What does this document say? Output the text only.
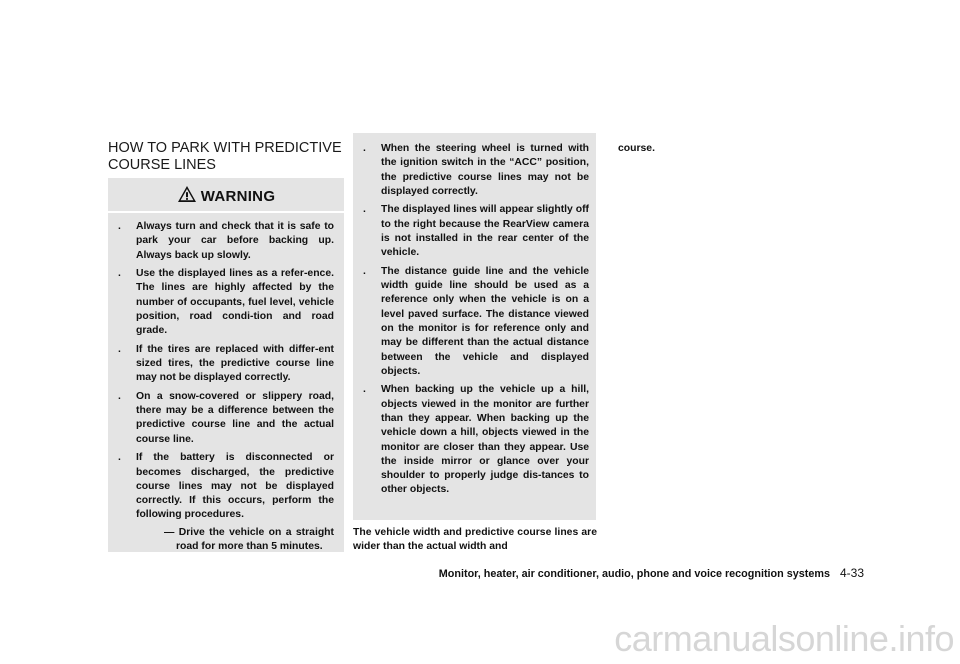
HOW TO PARK WITH PREDICTIVE
COURSE LINES
WARNING
. Always turn and check that it is safe to park your car before backing up. Always back up slowly.
. Use the displayed lines as a refer-ence. The lines are highly affected by the number of occupants, fuel level, vehicle position, road condi-tion and road grade.
. If the tires are replaced with differ-ent sized tires, the predictive course line may not be displayed correctly.
. On a snow-covered or slippery road, there may be a difference between the predictive course line and the actual course line.
. If the battery is disconnected or becomes discharged, the predictive course lines may not be displayed correctly. If this occurs, perform the following procedures.
— Drive the vehicle on a straight road for more than 5 minutes.
. When the steering wheel is turned with the ignition switch in the “ACC” position, the predictive course lines may not be displayed correctly.
. The displayed lines will appear slightly off to the right because the RearView camera is not installed in the rear center of the vehicle.
. The distance guide line and the vehicle width guide line should be used as a reference only when the vehicle is on a level paved surface. The distance viewed on the monitor is for reference only and may be different than the actual distance between the vehicle and displayed objects.
. When backing up the vehicle up a hill, objects viewed in the monitor are further than they appear. When backing up the vehicle down a hill, objects viewed in the monitor are closer than they appear. Use the inside mirror or glance over your shoulder to properly judge dis-tances to other objects.
The vehicle width and predictive course lines are wider than the actual width and
course.
Monitor, heater, air conditioner, audio, phone and voice recognition systems 4-33
carmanualsonline.info
